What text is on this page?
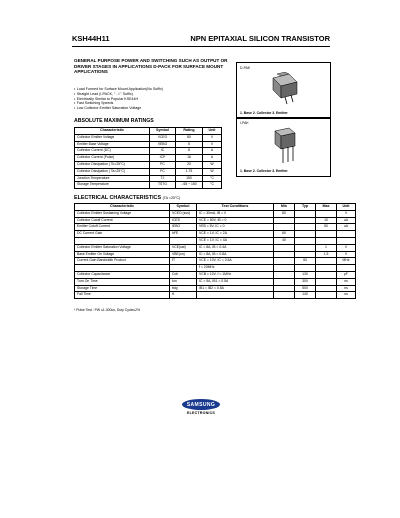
KSH44H11	NPN EPITAXIAL SILICON TRANSISTOR
GENERAL PURPOSE POWER AND SWITCHING SUCH AS OUTPUT OR DRIVER STAGES IN APPLICATIONS D-PACK FOR SURFACE MOUNT APPLICATIONS
• Load Formed for Surface Mount Application(No Suffix)
• Straight Lead (I-PACK, " - I " Suffix)
• Electrically Similar to Popular KSE44H
• Fast Switching Speeds
• Low Collector Emitter Saturation Voltage
D-PAK
1. Base 2. Collector 3. Emitter
I-PAK
1. Base 2. Collector 3. Emitter
ABSOLUTE MAXIMUM RATINGS
Characteristic	Symbol	Rating	Unit
Collector Emitter Voltage	VCEO	80	V
Emitter Base Voltage	VEBO	5	V
Collector Current (DC)	IC	8	A
Collector Current (Pulse)	ICP	16	A
Collector Dissipation ( Tc=25°C)	PC	20	W
Collector Dissipation ( Ta=25°C)	PC	1.75	W
Junction Temperature	TJ	150	°C
Storage Temperature	TSTG	- 65 ~ 150	°C
ELECTRICAL CHARACTERISTICS (TA =25°C)
Characteristic	Symbol	Test Conditions	Min	Typ	Max	Unit
Collector Emitter Sustaining Voltage	VCEO (sus)	IC = 30mA, IB = 0	80			V
Collector Cutoff Current	ICES	VCE = 80V, IB = 0			10	uA
Emitter Cutoff Current	IEBO	VEB = 5V, IC = 0			50	uA
DC Current Gain	hFE	VCE = 1V, IC = 2A	60			
		VCE = 1V, IC = 4A	40			
Collector Emitter Saturation Voltage	VCE(sat)	IC = 8A, IB = 0.4A			1	V
Base Emitter On Voltage	VBE(on)	IC = 8A, IB = 0.8A			1.5	V
Current Gain Bandwidth Product	fT	VCE = 10V, IC = 0.5A		50		MHz
		f = 20MHz				
Collector Capacitance	Ccb	VCB = 10V, f = 1MHz		130		pF
Turn On Time	ton	IC = 5A, IB1 = 0.5A		300		ns
Storage Time	tstg	IB1 = IB2 = 0.5A		500		ns
Fall Time	tf			140		ns
* Pulse Test : PW ≤1.300us, Duty Cycle≤2%
SAMSUNG
ELECTRONICS
